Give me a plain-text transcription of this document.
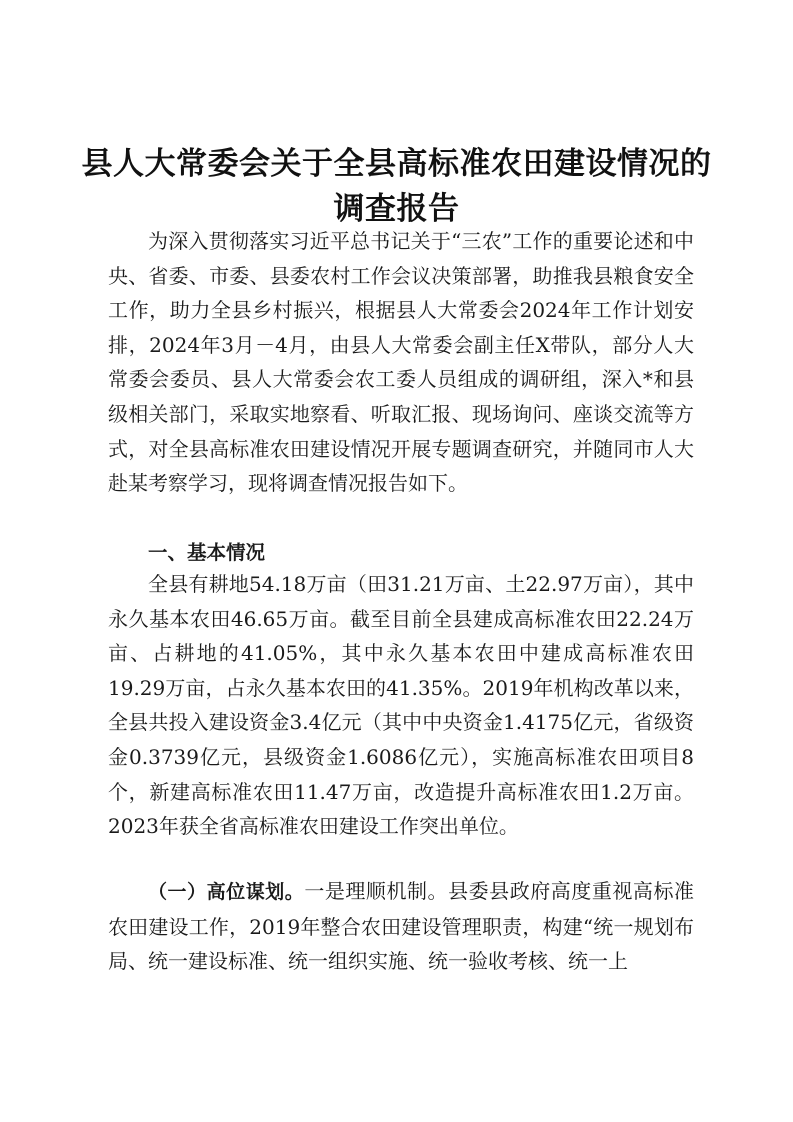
县人大常委会关于全县高标准农田建设情况的
调查报告

为深入贯彻落实习近平总书记关于“三农”工作的重要论述和中央、省委、市委、县委农村工作会议决策部署，助推我县粮食安全工作，助力全县乡村振兴，根据县人大常委会2024年工作计划安排，2024年3月－4月，由县人大常委会副主任X带队，部分人大常委会委员、县人大常委会农工委人员组成的调研组，深入*和县级相关部门，采取实地察看、听取汇报、现场询问、座谈交流等方式，对全县高标准农田建设情况开展专题调查研究，并随同市人大赴某考察学习，现将调查情况报告如下。

一、基本情况

全县有耕地54.18万亩（田31.21万亩、土22.97万亩），其中永久基本农田46.65万亩。截至目前全县建成高标准农田22.24万亩、占耕地的41.05%，其中永久基本农田中建成高标准农田19.29万亩，占永久基本农田的41.35%。2019年机构改革以来，全县共投入建设资金3.4亿元（其中中央资金1.4175亿元，省级资金0.3739亿元，县级资金1.6086亿元），实施高标准农田项目8个，新建高标准农田11.47万亩，改造提升高标准农田1.2万亩。2023年获全省高标准农田建设工作突出单位。

（一）高位谋划。一是理顺机制。县委县政府高度重视高标准农田建设工作，2019年整合农田建设管理职责，构建“统一规划布局、统一建设标准、统一组织实施、统一验收考核、统一上
